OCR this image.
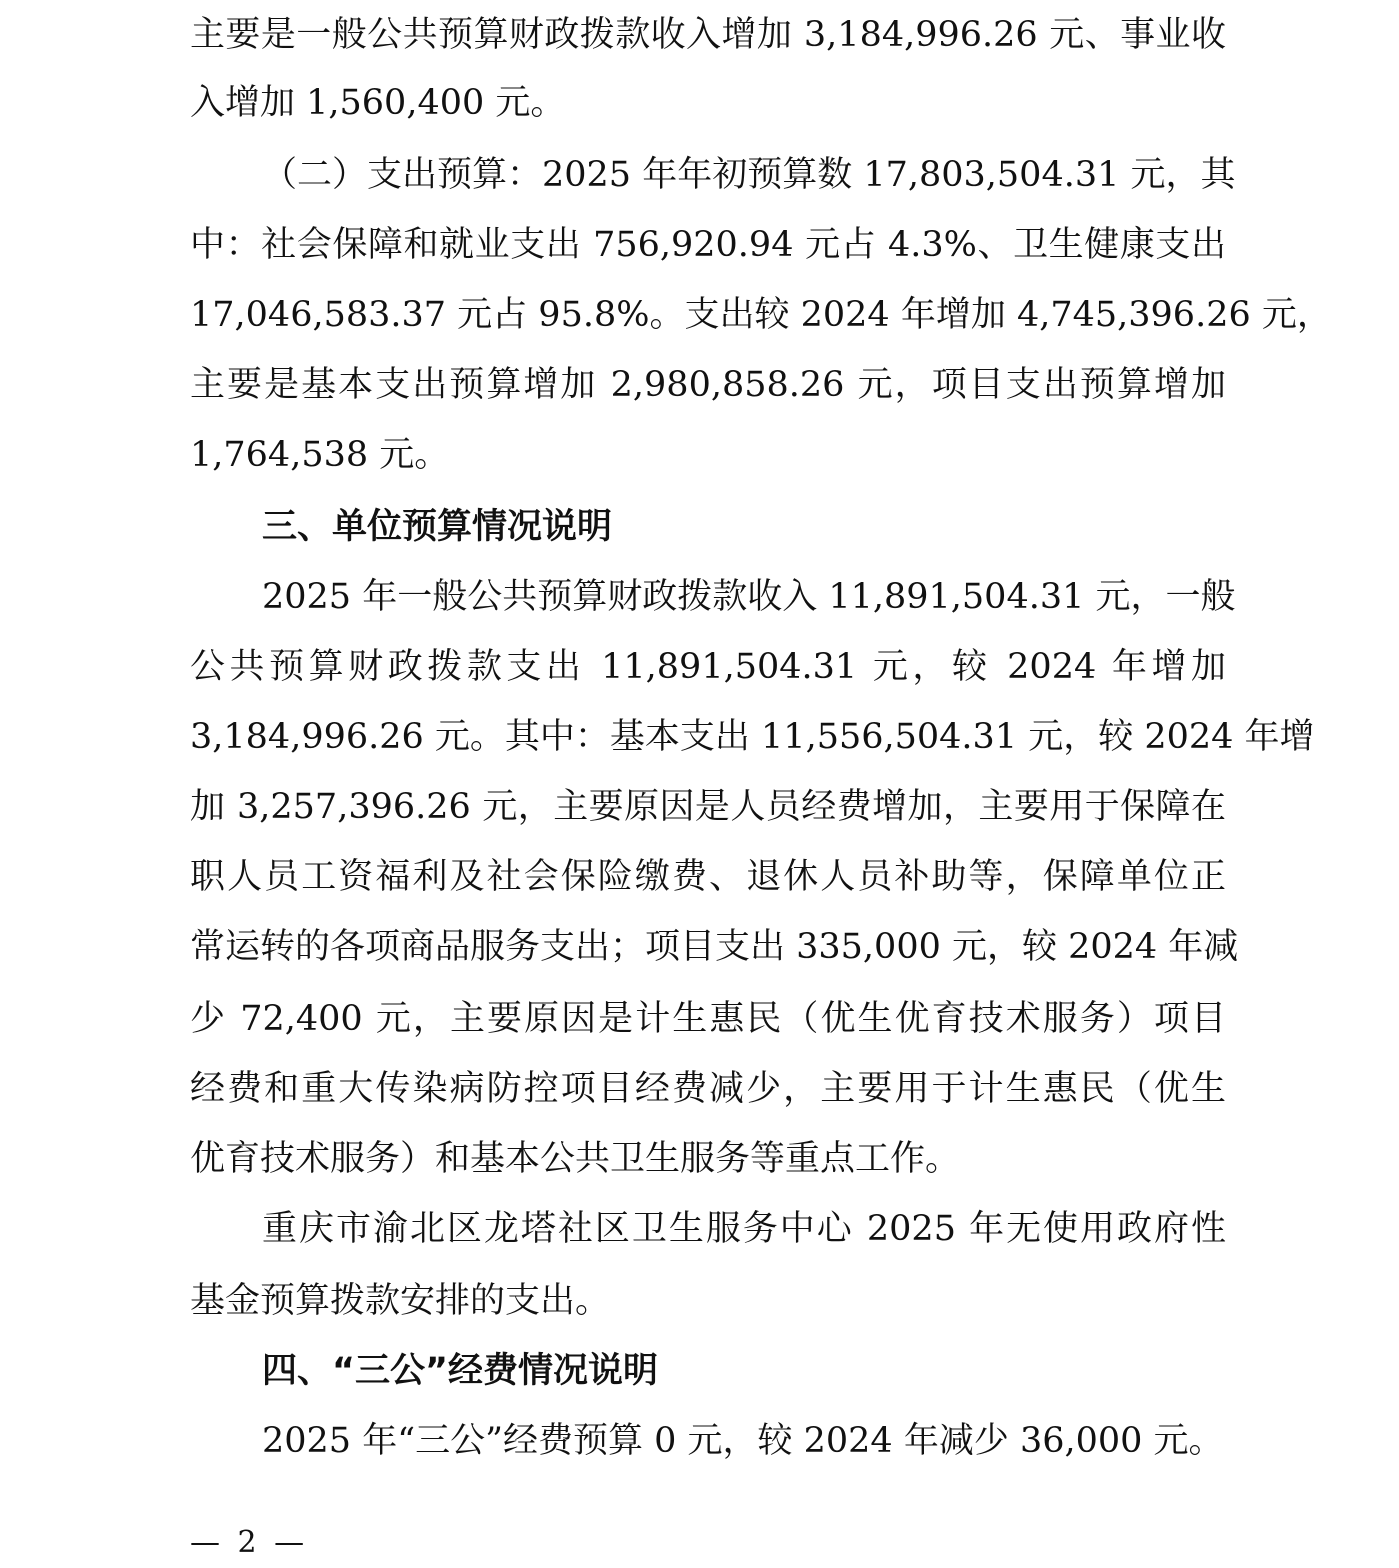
主要是一般公共预算财政拨款收入增加 3,184,996.26 元、事业收
入增加 1,560,400 元。
（二）支出预算：2025 年年初预算数 17,803,504.31 元，其
中：社会保障和就业支出 756,920.94 元占 4.3%、卫生健康支出
17,046,583.37 元占 95.8%。支出较 2024 年增加 4,745,396.26 元，
主要是基本支出预算增加 2,980,858.26 元，项目支出预算增加
1,764,538 元。
三、单位预算情况说明
2025 年一般公共预算财政拨款收入 11,891,504.31 元，一般
公共预算财政拨款支出 11,891,504.31 元，较 2024 年增加
3,184,996.26 元。其中：基本支出 11,556,504.31 元，较 2024 年增
加 3,257,396.26 元，主要原因是人员经费增加，主要用于保障在
职人员工资福利及社会保险缴费、退休人员补助等，保障单位正
常运转的各项商品服务支出；项目支出 335,000 元，较 2024 年减
少 72,400 元，主要原因是计生惠民（优生优育技术服务）项目
经费和重大传染病防控项目经费减少，主要用于计生惠民（优生
优育技术服务）和基本公共卫生服务等重点工作。
重庆市渝北区龙塔社区卫生服务中心 2025 年无使用政府性
基金预算拨款安排的支出。
四、“三公”经费情况说明
2025 年“三公”经费预算 0 元，较 2024 年减少 36,000 元。
— 2 —
